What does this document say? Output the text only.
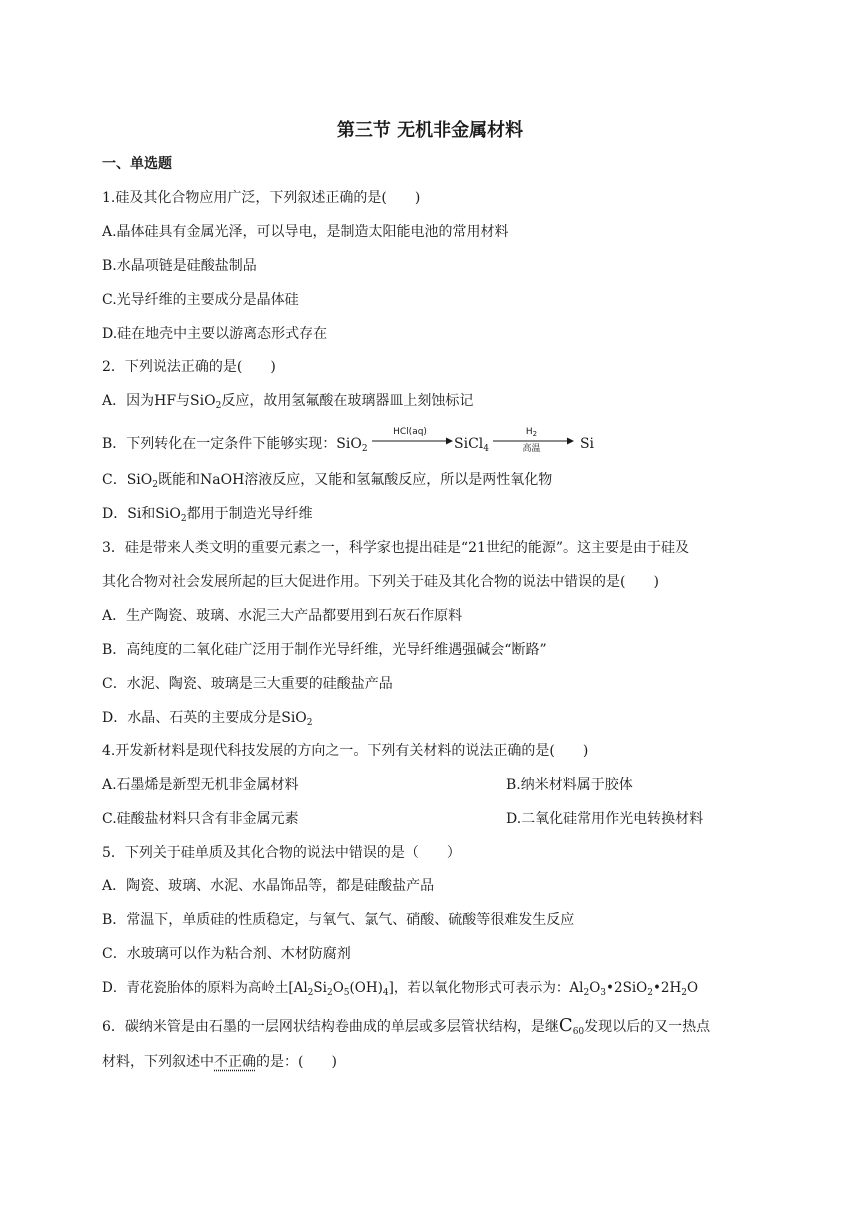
第三节 无机非金属材料
一、单选题
1.硅及其化合物应用广泛，下列叙述正确的是(　　)
A.晶体硅具有金属光泽，可以导电，是制造太阳能电池的常用材料
B.水晶项链是硅酸盐制品
C.光导纤维的主要成分是晶体硅
D.硅在地壳中主要以游离态形式存在
2．下列说法正确的是(　　)
A．因为HF与SiO$_2$反应，故用氢氟酸在玻璃器皿上刻蚀标记
B．下列转化在一定条件下能够实现：SiO$_2$
HCl(aq)
SiCl$_4$
$H_2$
高温	Si
C．SiO$_2$既能和NaOH溶液反应，又能和氢氟酸反应，所以是两性氧化物
D．Si和SiO$_2$都用于制造光导纤维
3．硅是带来人类文明的重要元素之一，科学家也提出硅是“21世纪的能源”。这主要是由于硅及
其化合物对社会发展所起的巨大促进作用。下列关于硅及其化合物的说法中错误的是(　　)
A．生产陶瓷、玻璃、水泥三大产品都要用到石灰石作原料
B．高纯度的二氧化硅广泛用于制作光导纤维，光导纤维遇强碱会“断路”
C．水泥、陶瓷、玻璃是三大重要的硅酸盐产品
D．水晶、石英的主要成分是SiO$_2$
4.开发新材料是现代科技发展的方向之一。下列有关材料的说法正确的是(　　)
A.石墨烯是新型无机非金属材料	B.纳米材料属于胶体
C.硅酸盐材料只含有非金属元素	D.二氧化硅常用作光电转换材料
5．下列关于硅单质及其化合物的说法中错误的是（　　）
A．陶瓷、玻璃、水泥、水晶饰品等，都是硅酸盐产品
B．常温下，单质硅的性质稳定，与氧气、氯气、硝酸、硫酸等很难发生反应
C．水玻璃可以作为粘合剂、木材防腐剂
D．青花瓷胎体的原料为高岭土$[Al_2Si_2O_5(OH)_4]$，若以氧化物形式可表示为：$Al_2O_3•2SiO_2•2H_2O$
6．碳纳米管是由石墨的一层网状结构卷曲成的单层或多层管状结构，是继$C_{60}$发现以后的又一热点
材料，下列叙述中不正确的是：(　　)
